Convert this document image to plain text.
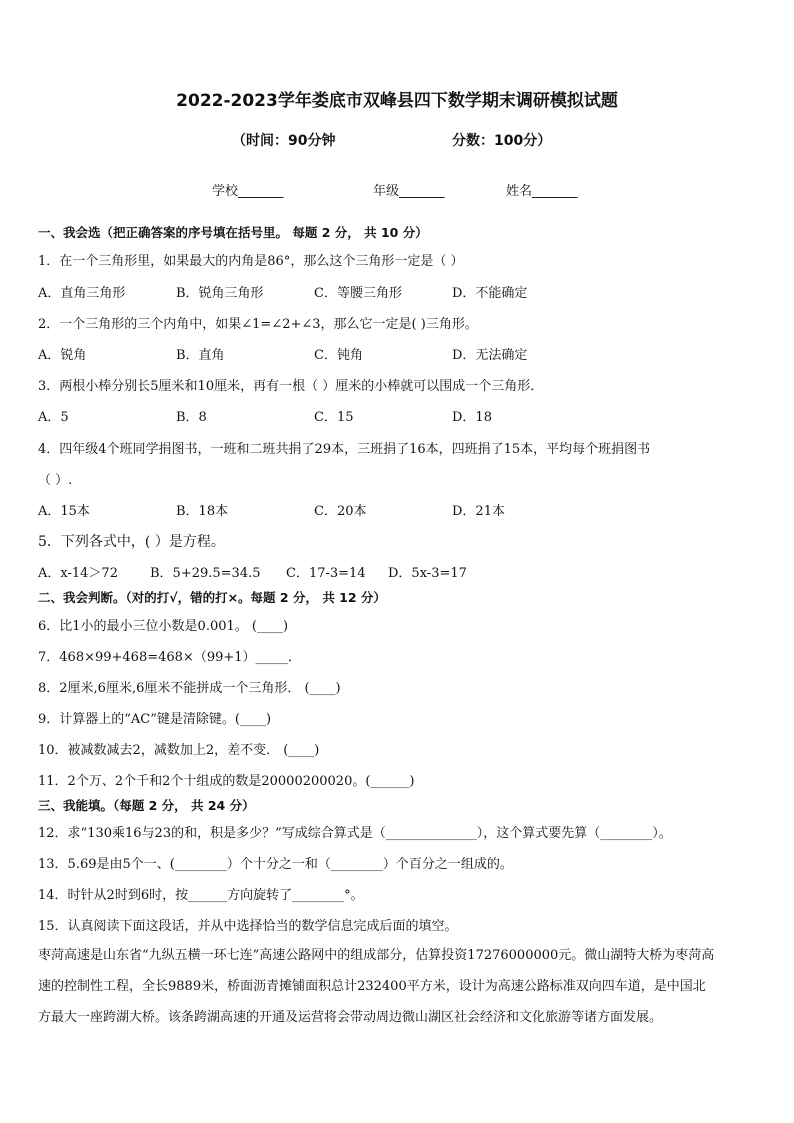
2022-2023学年娄底市双峰县四下数学期末调研模拟试题
（时间：90分钟	分数：100分）
学校_______	年级_______	姓名_______
一、我会选（把正确答案的序号填在括号里。 每题 2 分， 共 10 分）
1．在一个三角形里，如果最大的内角是86°，那么这个三角形一定是（ ）
A．直角三角形	B．锐角三角形	C．等腰三角形	D．不能确定
2．一个三角形的三个内角中，如果∠1=∠2+∠3，那么它一定是( )三角形。
A．锐角	B．直角	C．钝角	D．无法确定
3．两根小棒分别长5厘米和10厘米，再有一根（ ）厘米的小棒就可以围成一个三角形．
A．5	B．8	C．15	D．18
4．四年级4个班同学捐图书，一班和二班共捐了29本，三班捐了16本，四班捐了15本，平均每个班捐图书
（ ）.
A．15本	B．18本	C．20本	D．21本
5．下列各式中，( ）是方程。
A．x-14＞72 B．5+29.5=34.5 C．17-3=14 D．5x-3=17
二、我会判断。（对的打√，错的打×。每题 2 分， 共 12 分）
6．比1小的最小三位小数是0.001。 (____)
7．468×99+468=468×（99+1）_____．
8．2厘米,6厘米,6厘米不能拼成一个三角形． (____)
9．计算器上的“AC”键是清除键。(____)
10．被减数减去2，减数加上2，差不变． (____)
11．2个万、2个千和2个十组成的数是20000200020。(______)
三、我能填。（每题 2 分， 共 24 分）
12．求“130乘16与23的和，积是多少？”写成综合算式是（______________），这个算式要先算（________）。
13．5.69是由5个一、(________）个十分之一和（________）个百分之一组成的。
14．时针从2时到6时，按______方向旋转了________°。
15．认真阅读下面这段话，并从中选择恰当的数学信息完成后面的填空。
枣菏高速是山东省“九纵五横一环七连”高速公路网中的组成部分，估算投资17276000000元。微山湖特大桥为枣菏高
速的控制性工程，全长9889米，桥面沥青摊铺面积总计232400平方米，设计为高速公路标准双向四车道，是中国北
方最大一座跨湖大桥。该条跨湖高速的开通及运营将会带动周边微山湖区社会经济和文化旅游等诸方面发展。
